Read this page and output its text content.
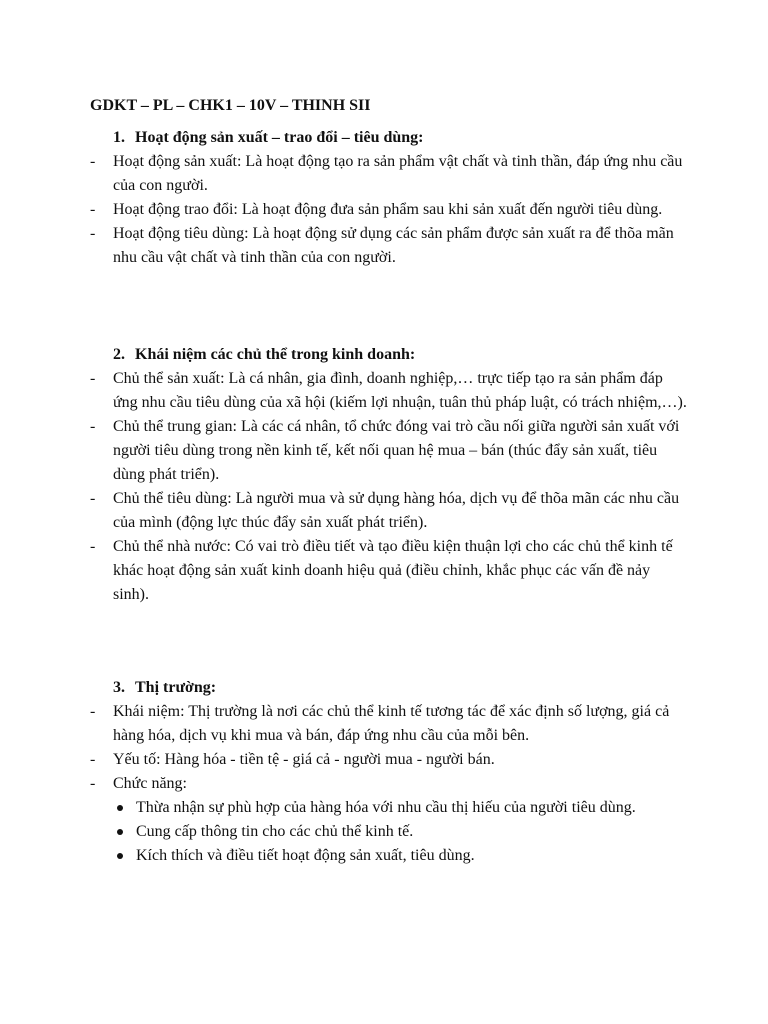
GDKT – PL – CHK1 – 10V – THINH SII

1. Hoạt động sản xuất – trao đổi – tiêu dùng:
- Hoạt động sản xuất: Là hoạt động tạo ra sản phẩm vật chất và tinh thần, đáp ứng nhu cầu của con người.
- Hoạt động trao đổi: Là hoạt động đưa sản phẩm sau khi sản xuất đến người tiêu dùng.
- Hoạt động tiêu dùng: Là hoạt động sử dụng các sản phẩm được sản xuất ra để thõa mãn nhu cầu vật chất và tinh thần của con người.
2. Khái niệm các chủ thể trong kinh doanh:
- Chủ thể sản xuất: Là cá nhân, gia đình, doanh nghiệp,… trực tiếp tạo ra sản phẩm đáp ứng nhu cầu tiêu dùng của xã hội (kiếm lợi nhuận, tuân thủ pháp luật, có trách nhiệm,…).
- Chủ thể trung gian: Là các cá nhân, tổ chức đóng vai trò cầu nối giữa người sản xuất với người tiêu dùng trong nền kinh tế, kết nối quan hệ mua – bán (thúc đẩy sản xuất, tiêu dùng phát triển).
- Chủ thể tiêu dùng: Là người mua và sử dụng hàng hóa, dịch vụ để thõa mãn các nhu cầu của mình (động lực thúc đẩy sản xuất phát triển).
- Chủ thể nhà nước: Có vai trò điều tiết và tạo điều kiện thuận lợi cho các chủ thể kinh tế khác hoạt động sản xuất kinh doanh hiệu quả (điều chỉnh, khắc phục các vấn đề nảy sinh).
3. Thị trường:
- Khái niệm: Thị trường là nơi các chủ thể kinh tế tương tác để xác định số lượng, giá cả hàng hóa, dịch vụ khi mua và bán, đáp ứng nhu cầu của mỗi bên.
- Yếu tố: Hàng hóa - tiền tệ - giá cả - người mua - người bán.
- Chức năng:
Thừa nhận sự phù hợp của hàng hóa với nhu cầu thị hiếu của người tiêu dùng.
Cung cấp thông tin cho các chủ thể kinh tế.
Kích thích và điều tiết hoạt động sản xuất, tiêu dùng.
